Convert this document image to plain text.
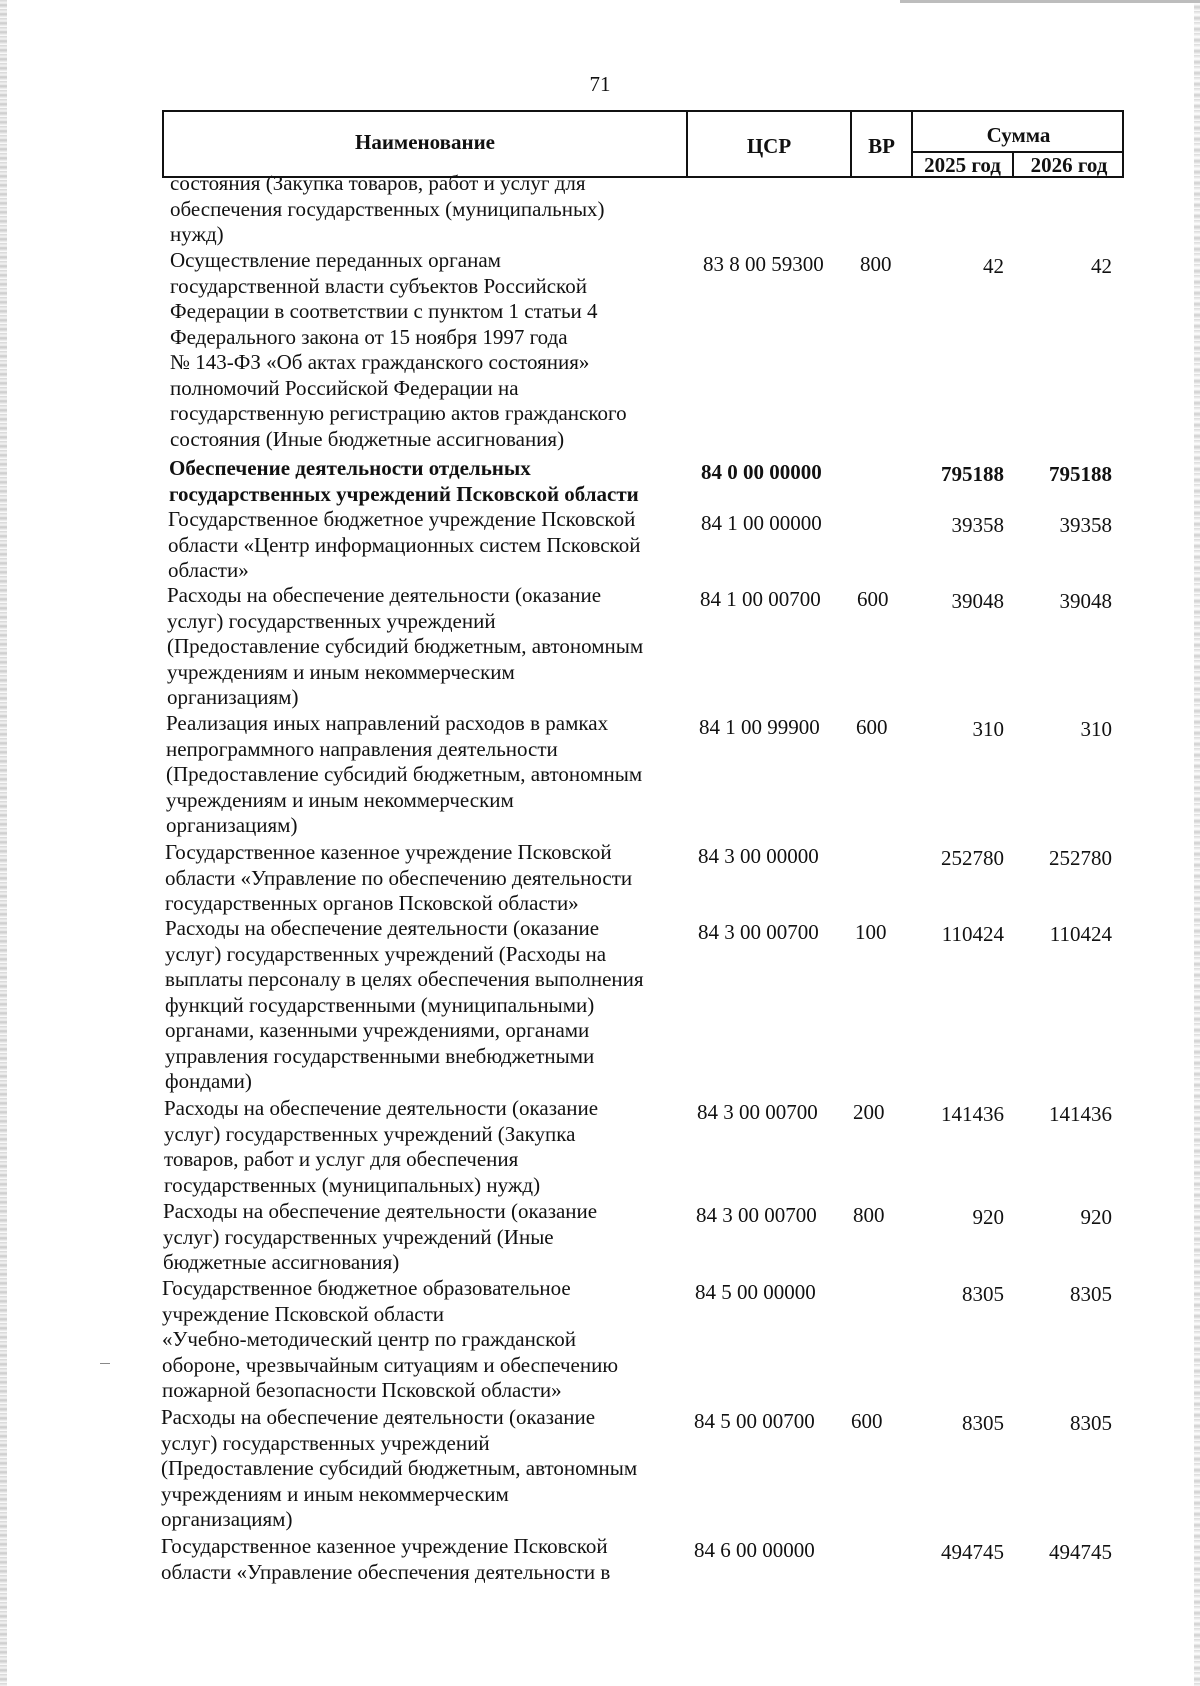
71
Наименование	ЦСР	ВР	Сумма
2025 год	2026 год
состояния (Закупка товаров, работ и услуг для
обеспечения государственных (муниципальных)
нужд)
Осуществление переданных органам
государственной власти субъектов Российской
Федерации в соответствии с пунктом 1 статьи 4
Федерального закона от 15 ноября 1997 года
№ 143-ФЗ «Об актах гражданского состояния»
полномочий Российской Федерации на
государственную регистрацию актов гражданского
состояния (Иные бюджетные ассигнования)
83 8 00 59300 800	42	42
Обеспечение деятельности отдельных
государственных учреждений Псковской области
84 0 00 00000	795188	795188
Государственное бюджетное учреждение Псковской
области «Центр информационных систем Псковской
области»
84 1 00 00000	39358	39358
Расходы на обеспечение деятельности (оказание
услуг) государственных учреждений
(Предоставление субсидий бюджетным, автономным
учреждениям и иным некоммерческим
организациям)
84 1 00 00700 600	39048	39048
Реализация иных направлений расходов в рамках
непрограммного направления деятельности
(Предоставление субсидий бюджетным, автономным
учреждениям и иным некоммерческим
организациям)
84 1 00 99900 600	310	310
Государственное казенное учреждение Псковской
области «Управление по обеспечению деятельности
государственных органов Псковской области»
84 3 00 00000	252780	252780
Расходы на обеспечение деятельности (оказание
услуг) государственных учреждений (Расходы на
выплаты персоналу в целях обеспечения выполнения
функций государственными (муниципальными)
органами, казенными учреждениями, органами
управления государственными внебюджетными
фондами)
84 3 00 00700 100	110424	110424
Расходы на обеспечение деятельности (оказание
услуг) государственных учреждений (Закупка
товаров, работ и услуг для обеспечения
государственных (муниципальных) нужд)
84 3 00 00700 200	141436	141436
Расходы на обеспечение деятельности (оказание
услуг) государственных учреждений (Иные
бюджетные ассигнования)
84 3 00 00700 800	920	920
Государственное бюджетное образовательное
учреждение Псковской области
«Учебно-методический центр по гражданской
обороне, чрезвычайным ситуациям и обеспечению
пожарной безопасности Псковской области»
84 5 00 00000	8305	8305
Расходы на обеспечение деятельности (оказание
услуг) государственных учреждений
(Предоставление субсидий бюджетным, автономным
учреждениям и иным некоммерческим
организациям)
84 5 00 00700 600	8305	8305
Государственное казенное учреждение Псковской
области «Управление обеспечения деятельности в
84 6 00 00000	494745	494745
